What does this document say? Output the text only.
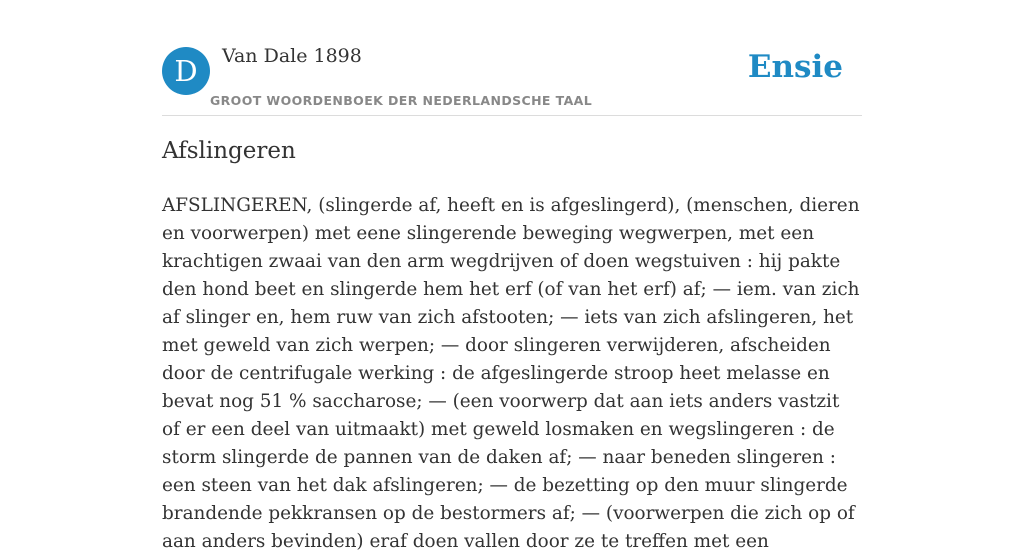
D	Van Dale 1898
GROOT WOORDENBOEK DER NEDERLANDSCHE TAAL
Ensie
Afslingeren

AFSLINGEREN, (slingerde af, heeft en is afgeslingerd), (menschen, dieren en voorwerpen) met eene slingerende beweging wegwerpen, met een krachtigen zwaai van den arm wegdrijven of doen wegstuiven : hij pakte den hond beet en slingerde hem het erf (of van het erf) af; — iem. van zich af slinger en, hem ruw van zich afstooten; — iets van zich afslingeren, het met geweld van zich werpen; — door slingeren verwijderen, afscheiden door de centrifugale werking : de afgeslingerde stroop heet melasse en bevat nog 51 % saccharose; — (een voorwerp dat aan iets anders vastzit of er een deel van uitmaakt) met geweld losmaken en wegslingeren : de storm slingerde de pannen van de daken af; — naar beneden slingeren : een steen van het dak afslingeren; — de bezetting op den muur slingerde brandende pekkransen op de bestormers af; — (voorwerpen die zich op of aan anders bevinden) eraf doen vallen door ze te treffen met een
